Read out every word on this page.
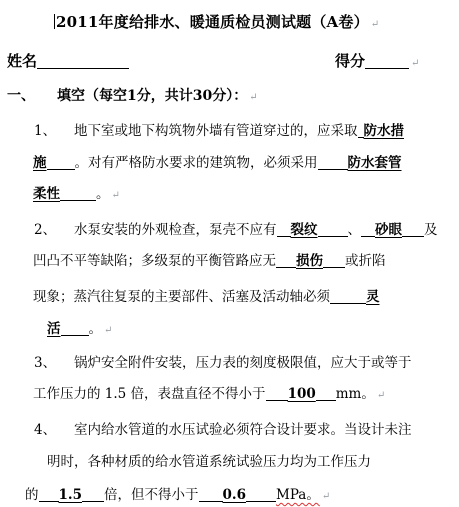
2011年度给排水、暖通质检员测试题（A卷） ↵
姓名	得分	↵
一、 填空（每空1分，共计30分）： ↵
1、 地下室或地下构筑物外墙有管道穿过的，应采取 防水措
施 。对有严格防水要求的建筑物，必须采用 防水套管
柔性	。 ↵
2、 水泵安装的外观检查，泵壳不应有 裂纹 、 砂眼 及
凹凸不平等缺陷；多级泵的平衡管路应无 损伤 或折陷
现象；蒸汽往复泵的主要部件、活塞及活动轴必须	灵
活 。 ↵
3、 锅炉安全附件安装，压力表的刻度极限值，应大于或等于
工作压力的 1.5 倍，表盘直径不得小于 100 mm。 ↵
4、 室内给水管道的水压试验必须符合设计要求。当设计未注
明时，各种材质的给水管道系统试验压力均为工作压力
的 1.5 倍，但不得小于 0.6 MPa。 ↵
